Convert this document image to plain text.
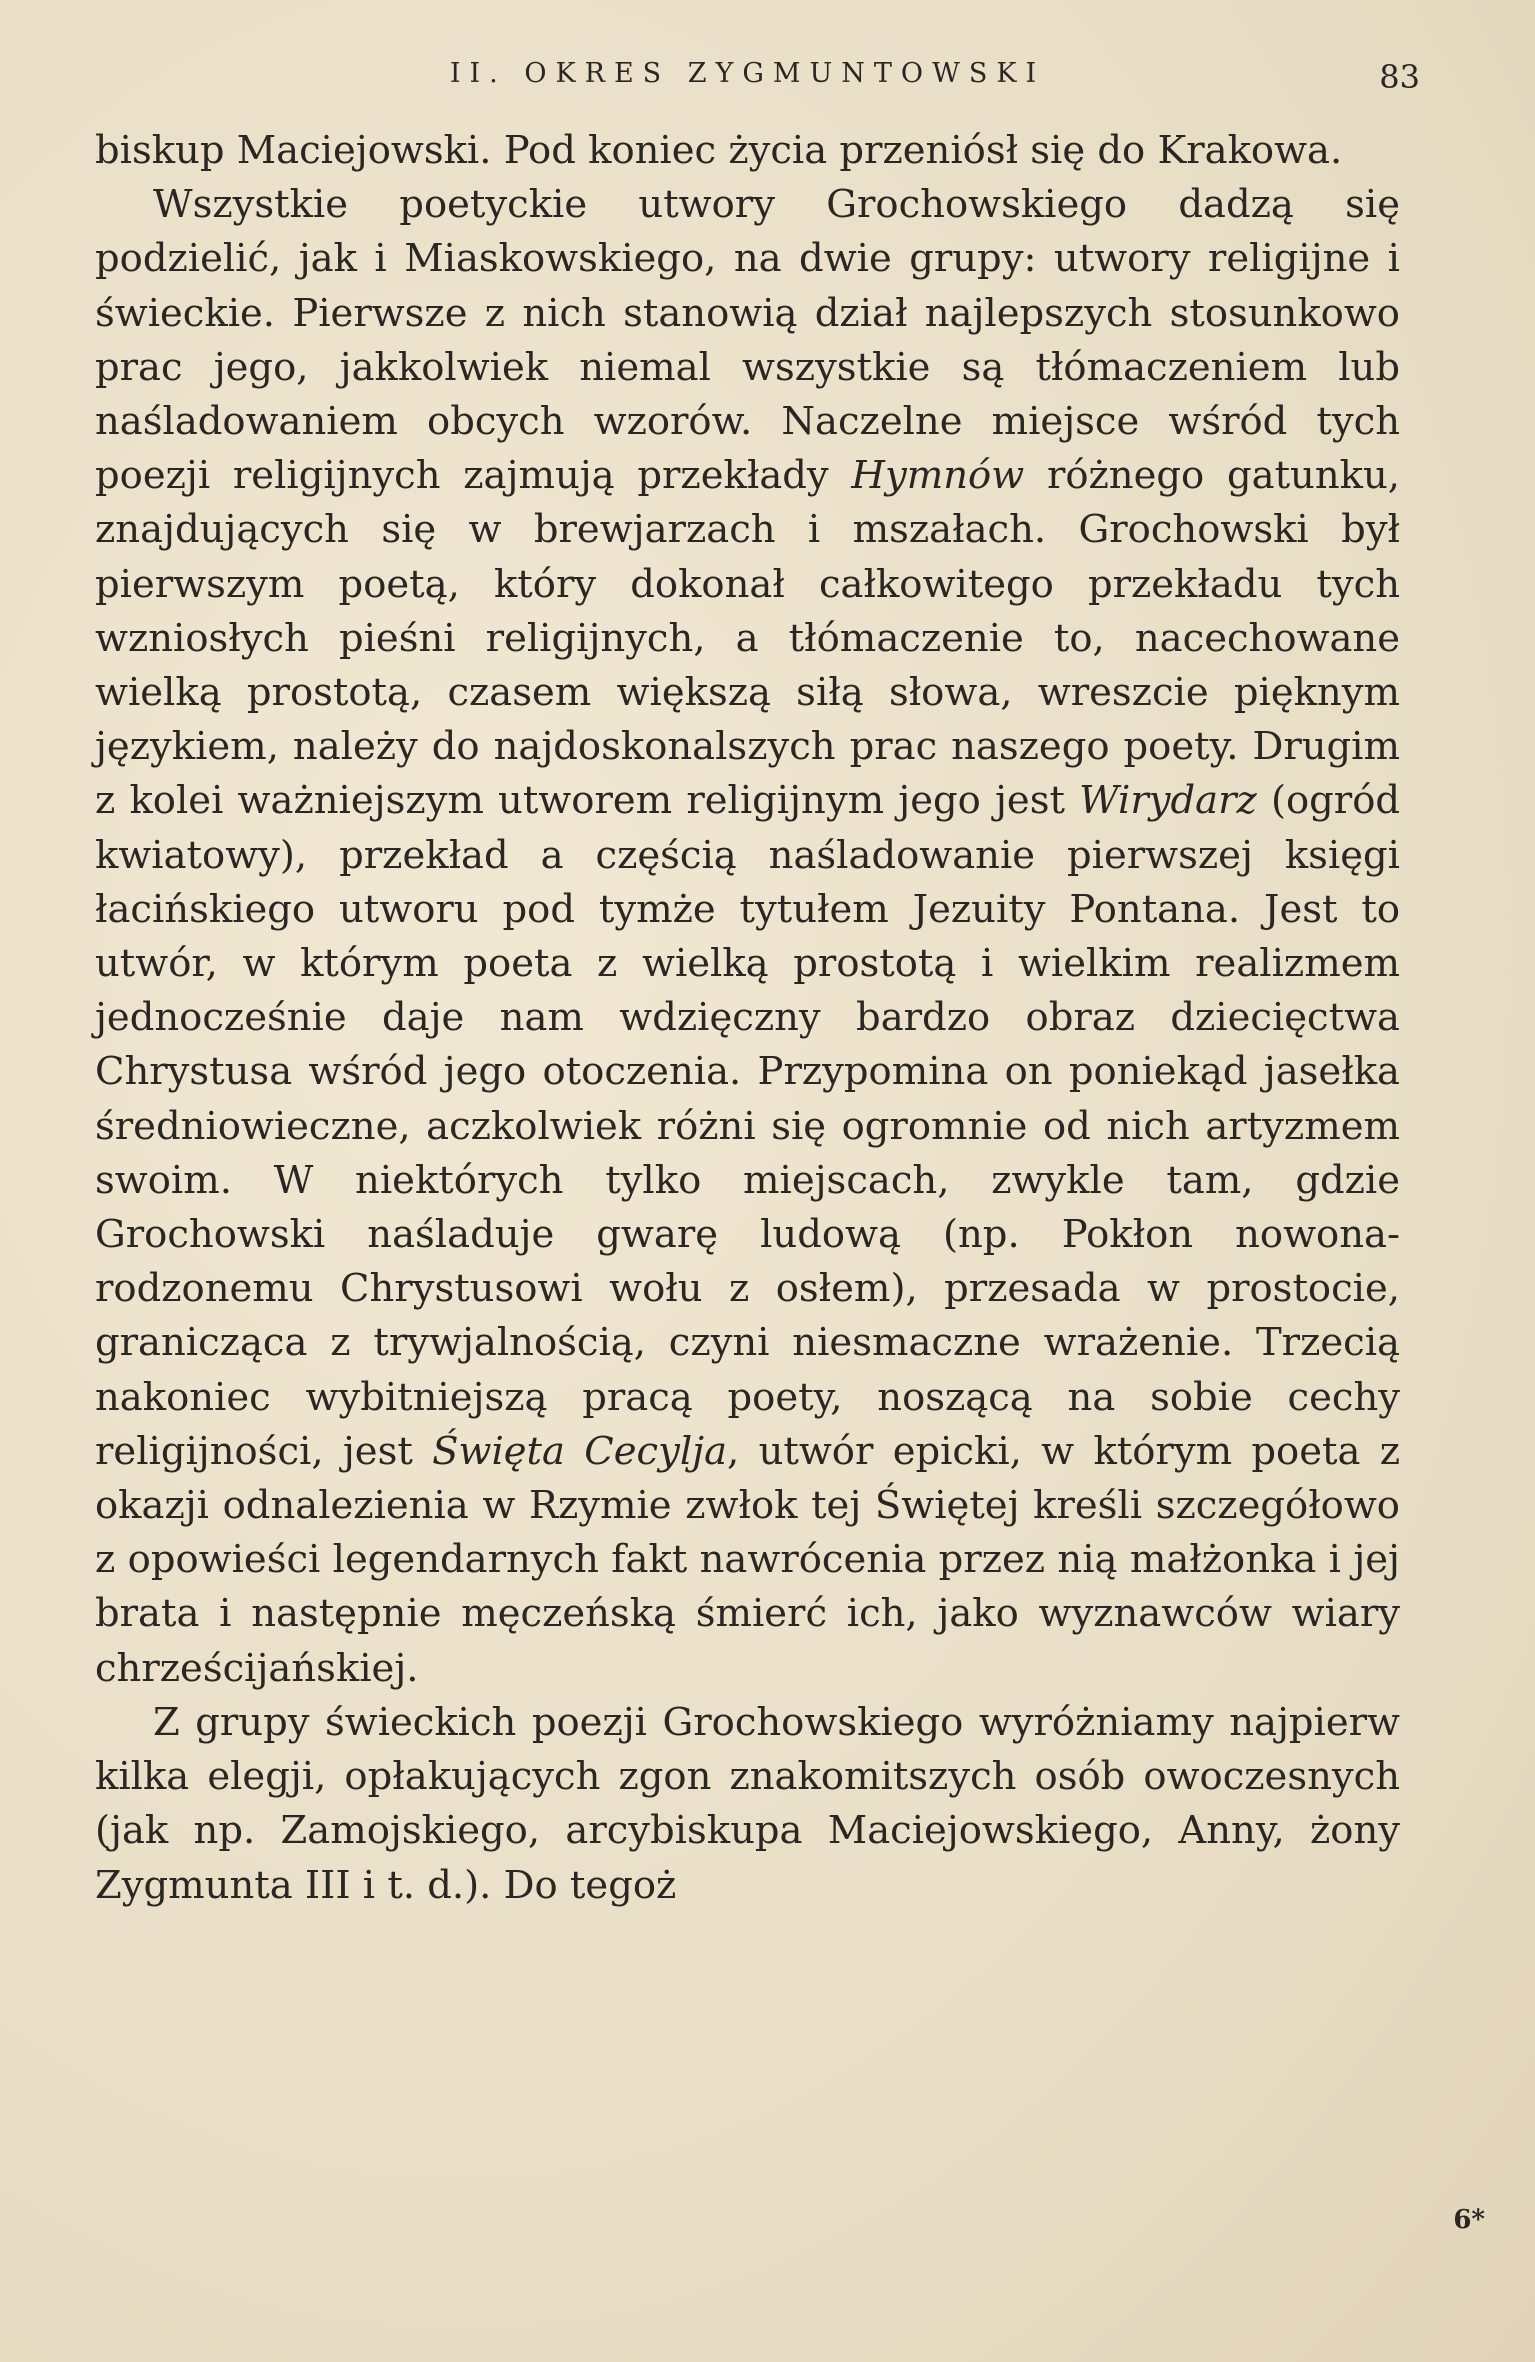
II. OKRES ZYGMUNTOWSKI	83

biskup Maciejowski. Pod koniec życia przeniósł się do Krakowa.

Wszystkie poetyckie utwory Grochowskiego dadzą się podzielić, jak i Miaskowskiego, na dwie grupy: utwory religijne i świeckie. Pierwsze z nich stanowią dział najlepszych stosunkowo prac jego, jakkolwiek niemal wszystkie są tłómaczeniem lub naśladowaniem obcych wzorów. Naczelne miejsce wśród tych poezji religijnych zajmują przekłady Hymnów różnego gatunku, znajdujących się w brewjarzach i mszałach. Grochowski był pierwszym poetą, który dokonał całkowitego przekładu tych wzniosłych pieśni religijnych, a tłómaczenie to, nacechowane wielką prostotą, czasem większą siłą słowa, wreszcie pięknym językiem, należy do najdoskonalszych prac naszego poety. Drugim z kolei ważniejszym utworem religijnym jego jest Wirydarz (ogród kwiatowy), przekład a częścią naśladowanie pierwszej księgi łacińskiego utworu pod tymże tytułem Jezuity Pontana. Jest to utwór, w którym poeta z wielką prostotą i wielkim realizmem jednocześnie daje nam wdzięczny bardzo obraz dziecięctwa Chrystusa wśród jego otoczenia. Przypomina on poniekąd jasełka średniowieczne, aczkolwiek różni się ogromnie od nich artyzmem swoim. W niektórych tylko miejscach, zwykle tam, gdzie Grochowski naśladuje gwarę ludową (np. Pokłon nowonarodzonemu Chrystusowi wołu z osłem), przesada w prostocie, granicząca z trywjalnością, czyni niesmaczne wrażenie. Trzecią nakoniec wybitniejszą pracą poety, noszącą na sobie cechy religijności, jest Święta Cecylja, utwór epicki, w którym poeta z okazji odnalezienia w Rzymie zwłok tej Świętej kreśli szczegółowo z opowieści legendarnych fakt nawrócenia przez nią małżonka i jej brata i następnie męczeńską śmierć ich, jako wyznawców wiary chrześcijańskiej.

Z grupy świeckich poezji Grochowskiego wyróżniamy najpierw kilka elegji, opłakujących zgon znakomitszych osób owoczesnych (jak np. Zamojskiego, arcybiskupa Maciejowskiego, Anny, żony Zygmunta III i t. d.). Do tegoż

6*
